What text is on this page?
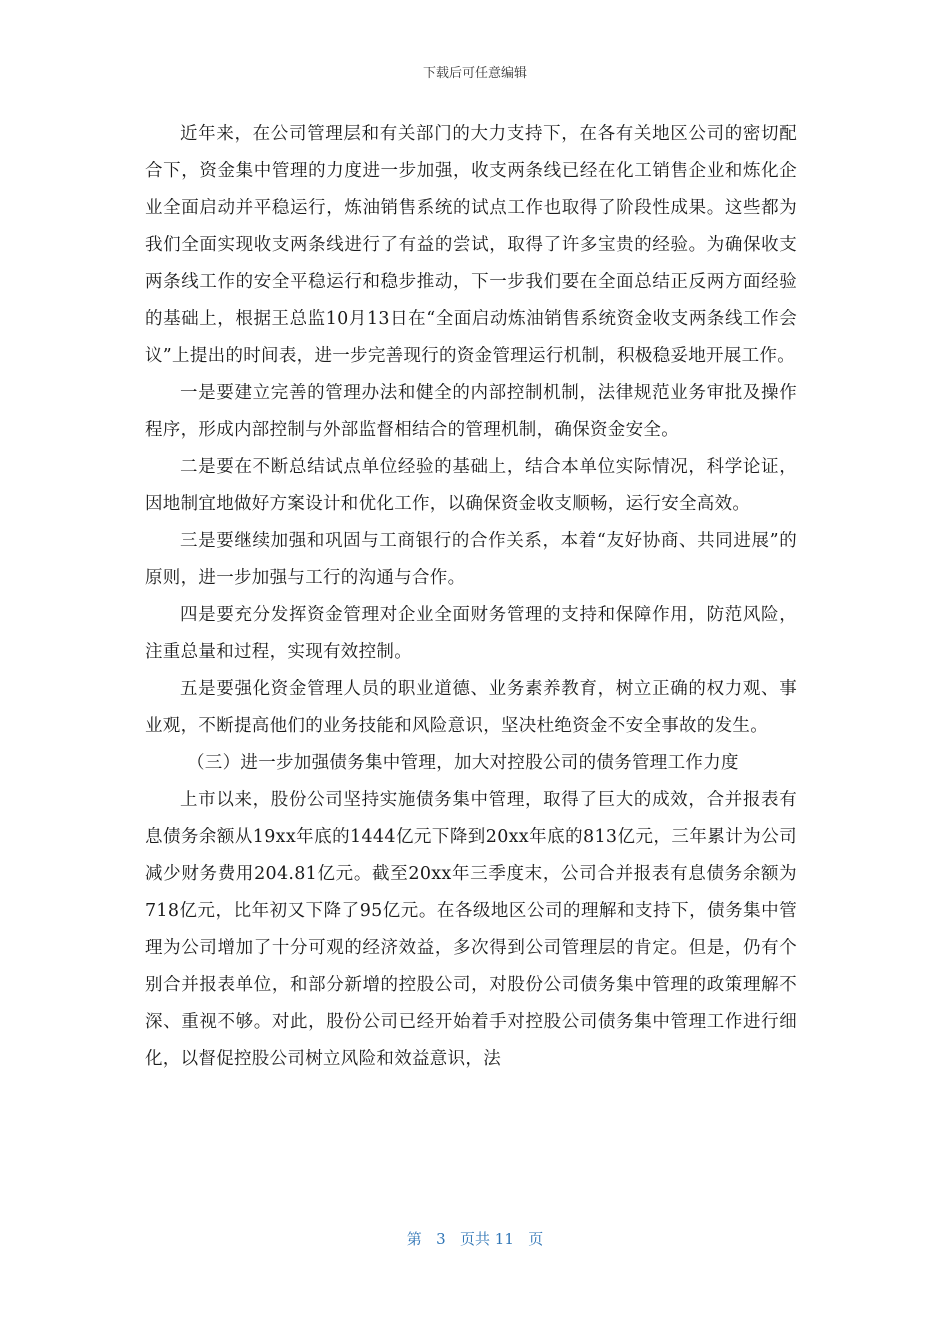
下载后可任意编辑

近年来，在公司管理层和有关部门的大力支持下，在各有关地区公司的密切配合下，资金集中管理的力度进一步加强，收支两条线已经在化工销售企业和炼化企业全面启动并平稳运行，炼油销售系统的试点工作也取得了阶段性成果。这些都为我们全面实现收支两条线进行了有益的尝试，取得了许多宝贵的经验。为确保收支两条线工作的安全平稳运行和稳步推动，下一步我们要在全面总结正反两方面经验的基础上，根据王总监10月13日在“全面启动炼油销售系统资金收支两条线工作会议”上提出的时间表，进一步完善现行的资金管理运行机制，积极稳妥地开展工作。

一是要建立完善的管理办法和健全的内部控制机制，法律规范业务审批及操作程序，形成内部控制与外部监督相结合的管理机制，确保资金安全。

二是要在不断总结试点单位经验的基础上，结合本单位实际情况，科学论证，因地制宜地做好方案设计和优化工作，以确保资金收支顺畅，运行安全高效。

三是要继续加强和巩固与工商银行的合作关系，本着“友好协商、共同进展”的原则，进一步加强与工行的沟通与合作。

四是要充分发挥资金管理对企业全面财务管理的支持和保障作用，防范风险，注重总量和过程，实现有效控制。

五是要强化资金管理人员的职业道德、业务素养教育，树立正确的权力观、事业观，不断提高他们的业务技能和风险意识，坚决杜绝资金不安全事故的发生。

（三）进一步加强债务集中管理，加大对控股公司的债务管理工作力度

上市以来，股份公司坚持实施债务集中管理，取得了巨大的成效，合并报表有息债务余额从19xx年底的1444亿元下降到20xx年底的813亿元，三年累计为公司减少财务费用204.81亿元。截至20xx年三季度末，公司合并报表有息债务余额为718亿元，比年初又下降了95亿元。在各级地区公司的理解和支持下，债务集中管理为公司增加了十分可观的经济效益，多次得到公司管理层的肯定。但是，仍有个别合并报表单位，和部分新增的控股公司，对股份公司债务集中管理的政策理解不深、重视不够。对此，股份公司已经开始着手对控股公司债务集中管理工作进行细化，以督促控股公司树立风险和效益意识，法

第 3 页共 11 页
